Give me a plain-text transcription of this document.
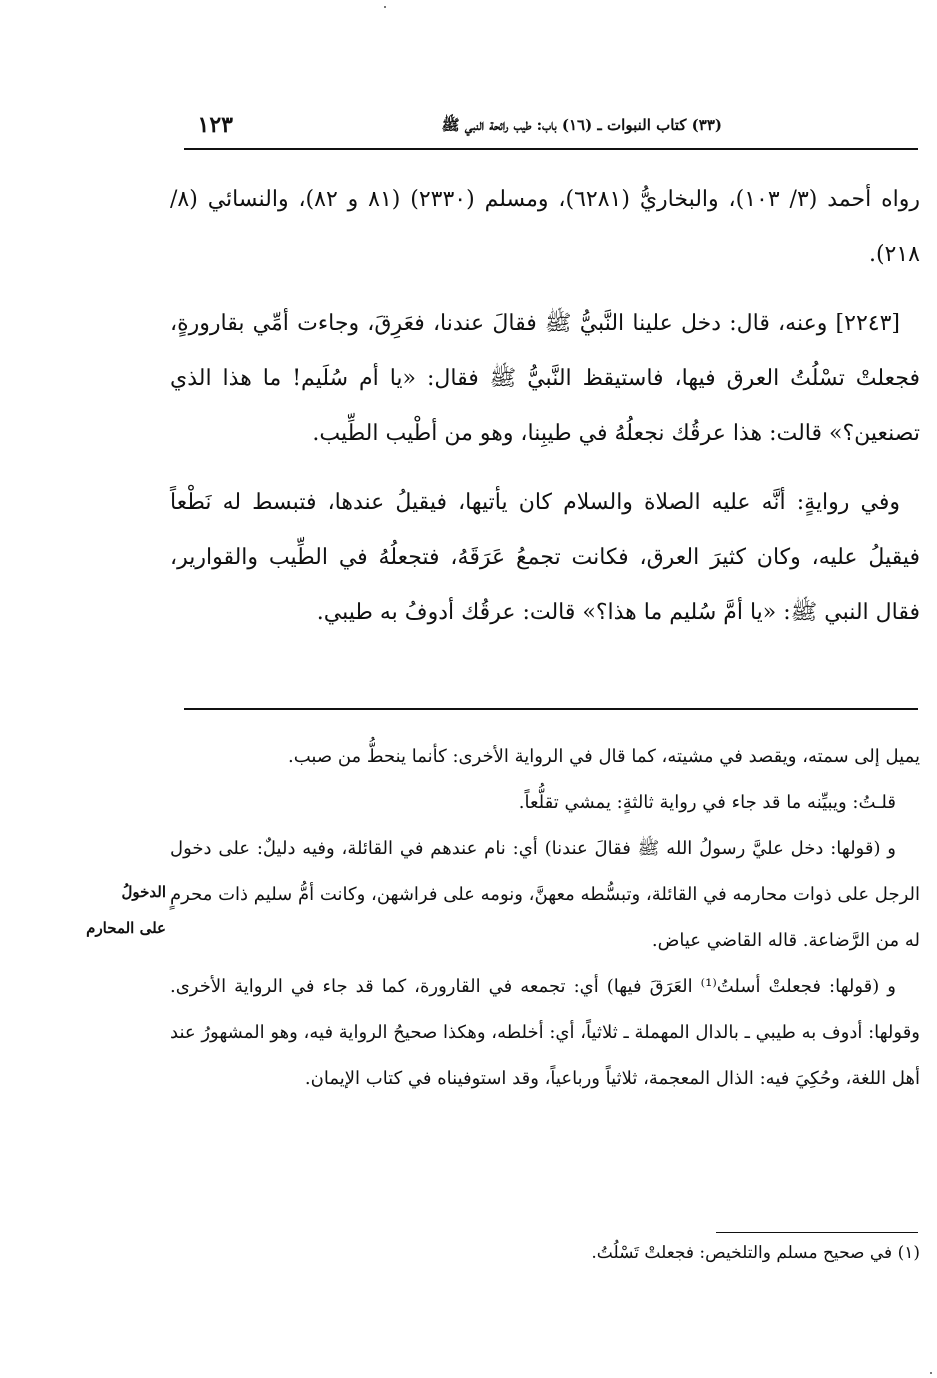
(٣٣) كتاب النبوات ـ (١٦) باب: طيب رائحة النبي ﷺ
١٢٣

رواه أحمد (٣/ ١٠٣)، والبخاريُّ (٦٢٨١)، ومسلم (٢٣٣٠) (٨١ و ٨٢)، والنسائي (٨/ ٢١٨).

[٢٢٤٣] وعنه، قال: دخل علينا النَّبيُّ ﷺ فقالَ عندنا، فعَرِقَ، وجاءت أمِّي بقارورةٍ، فجعلتْ تسْلُتُ العرق فيها، فاستيقظ النَّبيُّ ﷺ فقال: «يا أم سُلَيم! ما هذا الذي تصنعين؟» قالت: هذا عرقُك نجعلُهُ في طيبِنا، وهو من أطْيب الطِّيب.

وفي روايةٍ: أنَّه عليه الصلاة والسلام كان يأتيها، فيقيلُ عندها، فتبسط له نَطْعاً فيقيلُ عليه، وكان كثيرَ العرق، فكانت تجمعُ عَرَقَهُ، فتجعلُهُ في الطِّيب والقوارير، فقال النبي ﷺ: «يا أمَّ سُليم ما هذا؟» قالت: عرقُك أدوفُ به طيبي.

يميل إلى سمته، ويقصد في مشيته، كما قال في الرواية الأخرى: كأنما ينحطُّ من صبب.

قلـتُ: ويبيِّنه ما قد جاء في رواية ثالثةٍ: يمشي تقلُّعاً.

و (قولها: دخل عليَّ رسولُ الله ﷺ فقالَ عندنا) أي: نام عندهم في القائلة، وفيه دليلٌ: على دخول الرجل على ذوات محارمه في القائلة، وتبسُّطه معهنَّ، ونومه على فراشهن، وكانت أمُّ سليم ذات محرمٍ له من الرَّضاعة. قاله القاضي عياض.

و (قولها: فجعلتْ أسلتُ⁽¹⁾ العَرَقَ فيها) أي: تجمعه في القارورة، كما قد جاء في الرواية الأخرى. وقولها: أدوف به طيبي ـ بالدال المهملة ـ ثلاثياً، أي: أخلطه، وهكذا صحيحُ الرواية فيه، وهو المشهورُ عند أهل اللغة، وحُكِيَ فيه: الذال المعجمة، ثلاثياً ورباعياً، وقد استوفيناه في كتاب الإيمان.

الدخولُ
على المحارم
(١) في صحيح مسلم والتلخيص: فجعلتْ تَسْلُتُ.
